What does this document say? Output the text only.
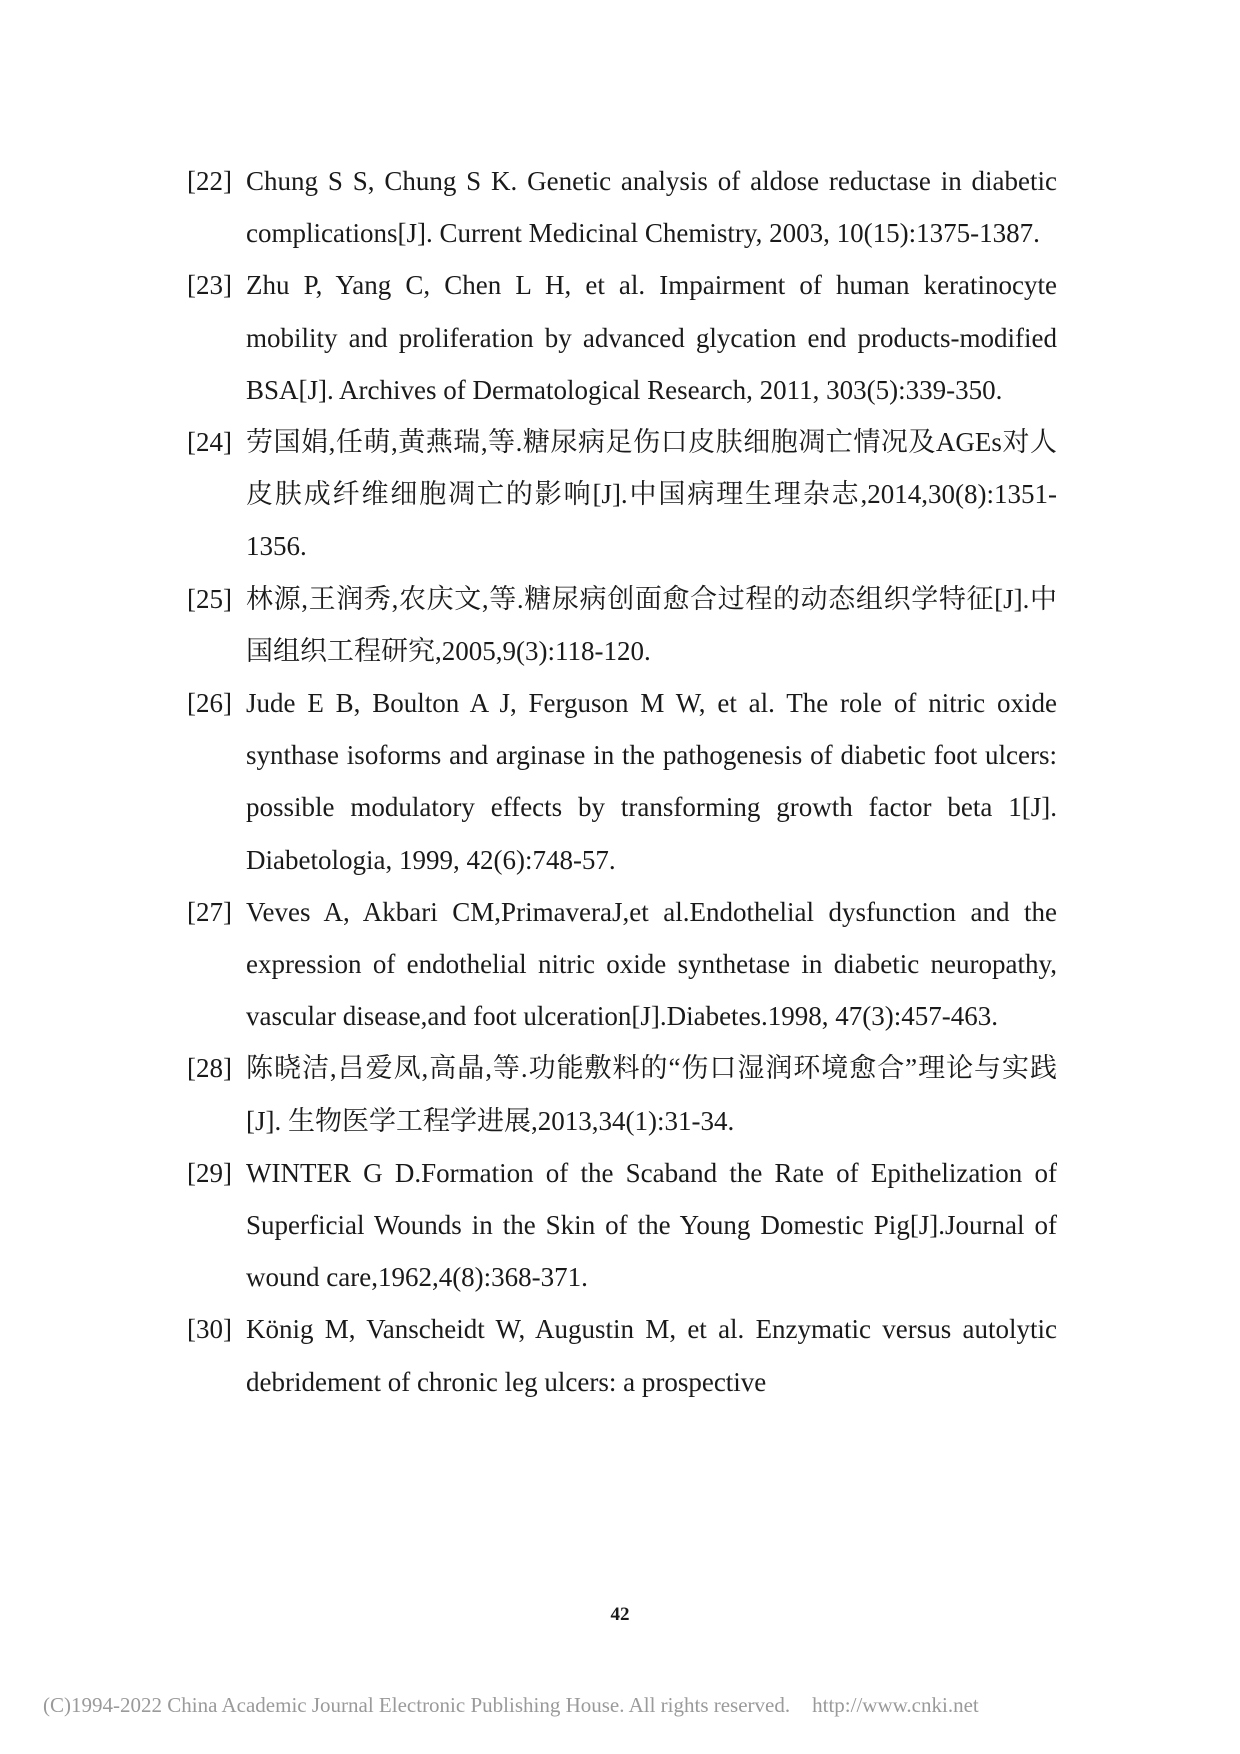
[22] Chung S S, Chung S K. Genetic analysis of aldose reductase in diabetic complications[J]. Current Medicinal Chemistry, 2003, 10(15):1375-1387.
[23] Zhu P, Yang C, Chen L H, et al. Impairment of human keratinocyte mobility and proliferation by advanced glycation end products-modified BSA[J]. Archives of Dermatological Research, 2011, 303(5):339-350.
[24] 劳国娟,任萌,黄燕瑞,等.糖尿病足伤口皮肤细胞凋亡情况及AGEs对人皮肤成纤维细胞凋亡的影响[J].中国病理生理杂志,2014,30(8):1351-1356.
[25] 林源,王润秀,农庆文,等.糖尿病创面愈合过程的动态组织学特征[J].中国组织工程研究,2005,9(3):118-120.
[26] Jude E B, Boulton A J, Ferguson M W, et al. The role of nitric oxide synthase isoforms and arginase in the pathogenesis of diabetic foot ulcers: possible modulatory effects by transforming growth factor beta 1[J]. Diabetologia, 1999, 42(6):748-57.
[27] Veves A, Akbari CM,PrimaveraJ,et al.Endothelial dysfunction and the expression of endothelial nitric oxide synthetase in diabetic neuropathy, vascular disease,and foot ulceration[J].Diabetes.1998, 47(3):457-463.
[28] 陈晓洁,吕爱凤,高晶,等.功能敷料的“伤口湿润环境愈合”理论与实践[J]. 生物医学工程学进展,2013,34(1):31-34.
[29] WINTER G D.Formation of the Scaband the Rate of Epithelization of Superficial Wounds in the Skin of the Young Domestic Pig[J].Journal of wound care,1962,4(8):368-371.
[30] König M, Vanscheidt W, Augustin M, et al. Enzymatic versus autolytic debridement of chronic leg ulcers: a prospective
42
(C)1994-2022 China Academic Journal Electronic Publishing House. All rights reserved. http://www.cnki.net
